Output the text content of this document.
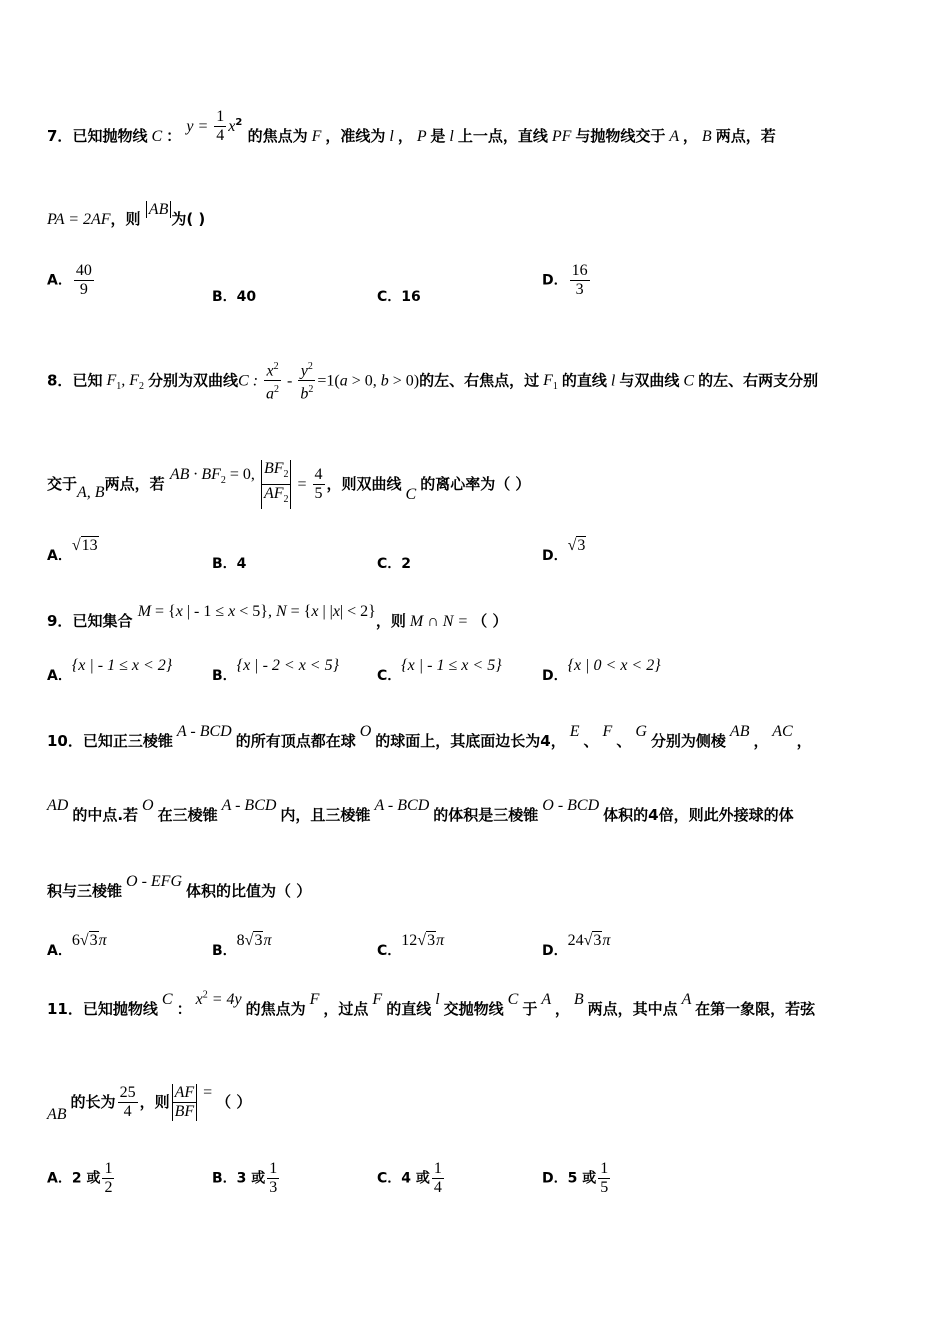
7．已知抛物线 C ： $y = \frac{1}{4} x^2$ 的焦点为 F ，准线为 l ， P 是 l 上一点，直线 PF 与抛物线交于 A ， B 两点，若
PA = 2AF，则 AB为( )
A． $\frac{40}{9}$	B．40	C．16
D． $\frac{16}{3}$
8．已知 $F_1$, $F_2$ 分别为双曲线C : $\frac{x^2}{a^2} - \frac{y^2}{b^2} =1(a > 0$, b > 0)的左、右焦点，过 $F_1$ 的直线 l 与双曲线 C 的左、右两支分别
交于A, B两点，若 AB · $BF_2 = 0$, $\frac{BF_2}{AF_2} = \frac{4}{5}$ ，则双曲线 C 的离心率为（ ）
A．√13
B．4	C．2	D．√3
9．已知集合 M = {x | - 1 ≤ x < 5}, N = {x | |x| < 2}，则 M ∩ N = （ ）
A．{x | - 1 ≤ x < 2}
B．{x | - 2 < x < 5}
C．{x | - 1 ≤ x < 5}
D．{x | 0 < x < 2}
10．已知正三棱锥 A - BCD 的所有顶点都在球 O 的球面上，其底面边长为4， E 、 F 、 G 分别为侧棱 AB ， AC ，
AD 的中点.若 O 在三棱锥 A - BCD 内，且三棱锥 A - BCD 的体积是三棱锥 O - BCD 体积的4倍，则此外接球的体
积与三棱锥 O - EFG 体积的比值为（ ）
A．6√3π
B．8√3π
C．12√3π
D．24√3π
11．已知抛物线 C ： $x^2 = 4y$ 的焦点为 F ，过点 F 的直线 l 交抛物线 C 于 A ， B 两点，其中点 A 在第一象限，若弦
AB 的长为 $\frac{25}{4}$ ，则 $\frac{AF}{BF}$ = （ ）
A．2 或 $\frac{1}{2}$	B．3 或 $\frac{1}{3}$	C．4 或 $\frac{1}{4}$	D．5 或 $\frac{1}{5}$
